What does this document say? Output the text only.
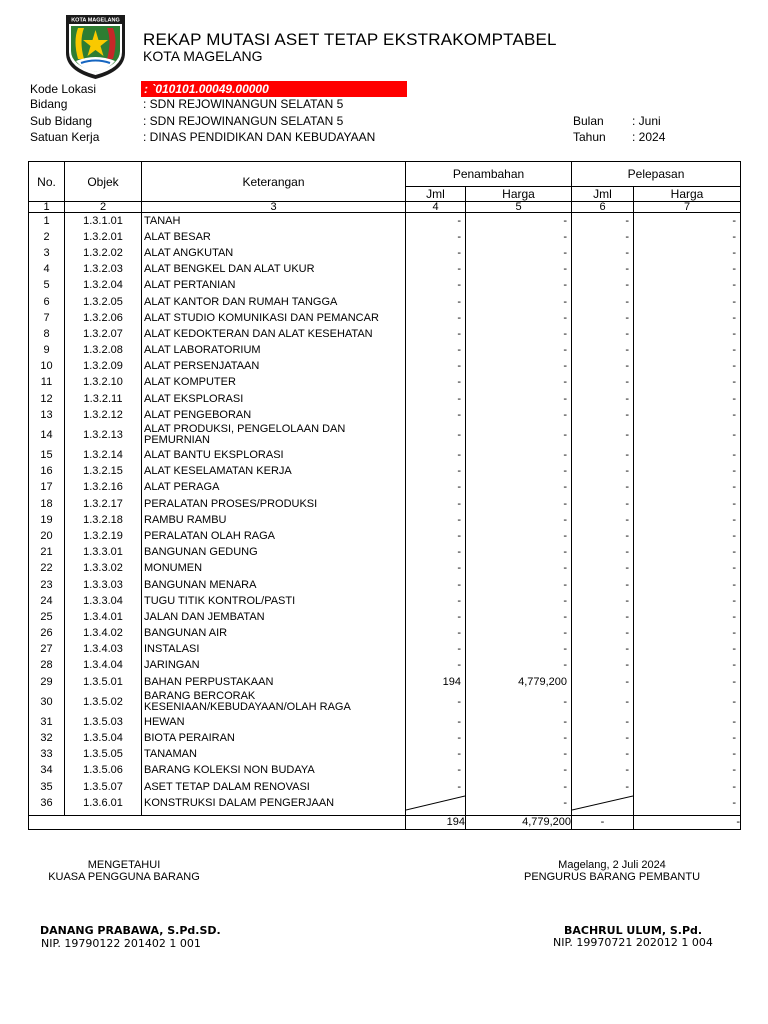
KOTA MAGELANG
REKAP MUTASI ASET TETAP EKSTRAKOMPTABEL
KOTA MAGELANG
Kode Lokasi	: `010101.00049.00000
Bidang	: SDN REJOWINANGUN SELATAN 5
Sub Bidang	: SDN REJOWINANGUN SELATAN 5
Satuan Kerja	: DINAS PENDIDIKAN DAN KEBUDAYAAN
Bulan : Juni
Tahun : 2024
No.	Objek	Keterangan	Penambahan		Pelepasan	
			Jml	Harga	Jml	Harga
1	2	3	4	5	6	7
1	1.3.1.01	TANAH	-	-	-	-
2	1.3.2.01	ALAT BESAR	-	-	-	-
3	1.3.2.02	ALAT ANGKUTAN	-	-	-	-
4	1.3.2.03	ALAT BENGKEL DAN ALAT UKUR	-	-	-	-
5	1.3.2.04	ALAT PERTANIAN	-	-	-	-
6	1.3.2.05	ALAT KANTOR DAN RUMAH TANGGA	-	-	-	-
7	1.3.2.06	ALAT STUDIO KOMUNIKASI DAN PEMANCAR	-	-	-	-
8	1.3.2.07	ALAT KEDOKTERAN DAN ALAT KESEHATAN	-	-	-	-
9	1.3.2.08	ALAT LABORATORIUM	-	-	-	-
10	1.3.2.09	ALAT PERSENJATAAN	-	-	-	-
11	1.3.2.10	ALAT KOMPUTER	-	-	-	-
12	1.3.2.11	ALAT EKSPLORASI	-	-	-	-
13	1.3.2.12	ALAT PENGEBORAN	-	-	-	-
14	1.3.2.13	ALAT PRODUKSI, PENGELOLAAN DAN PEMURNIAN	-	-	-	-
15	1.3.2.14	ALAT BANTU EKSPLORASI	-	-	-	-
16	1.3.2.15	ALAT KESELAMATAN KERJA	-	-	-	-
17	1.3.2.16	ALAT PERAGA	-	-	-	-
18	1.3.2.17	PERALATAN PROSES/PRODUKSI	-	-	-	-
19	1.3.2.18	RAMBU RAMBU	-	-	-	-
20	1.3.2.19	PERALATAN OLAH RAGA	-	-	-	-
21	1.3.3.01	BANGUNAN GEDUNG	-	-	-	-
22	1.3.3.02	MONUMEN	-	-	-	-
23	1.3.3.03	BANGUNAN MENARA	-	-	-	-
24	1.3.3.04	TUGU TITIK KONTROL/PASTI	-	-	-	-
25	1.3.4.01	JALAN DAN JEMBATAN	-	-	-	-
26	1.3.4.02	BANGUNAN AIR	-	-	-	-
27	1.3.4.03	INSTALASI	-	-	-	-
28	1.3.4.04	JARINGAN	-	-	-	-
29	1.3.5.01	BAHAN PERPUSTAKAAN	194	4,779,200	-	-
30	1.3.5.02	BARANG BERCORAK KESENIAAN/KEBUDAYAAN/OLAH RAGA	-	-	-	-
31	1.3.5.03	HEWAN	-	-	-	-
32	1.3.5.04	BIOTA PERAIRAN	-	-	-	-
33	1.3.5.05	TANAMAN	-	-	-	-
34	1.3.5.06	BARANG KOLEKSI NON BUDAYA	-	-	-	-
35	1.3.5.07	ASET TETAP DALAM RENOVASI	-	-	-	-
36	1.3.6.01	KONSTRUKSI DALAM PENGERJAAN		-		-

			194	4,779,200	-	-
MENGETAHUI
KUASA PENGGUNA BARANG
DANANG PRABAWA, S.Pd.SD.
NIP. 19790122 201402 1 001
Magelang, 2 Juli 2024
PENGURUS BARANG PEMBANTU
BACHRUL ULUM, S.Pd.
NIP. 19970721 202012 1 004
